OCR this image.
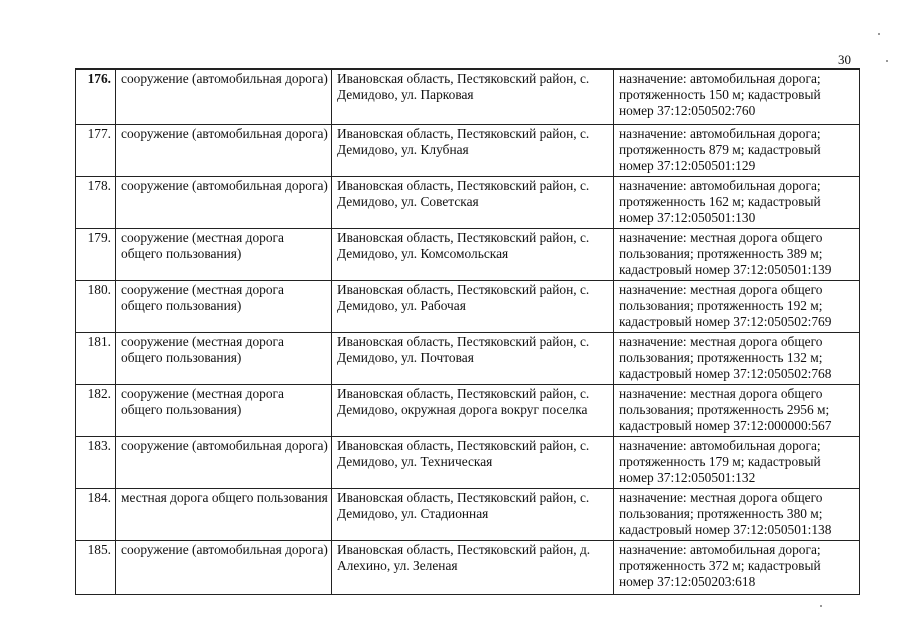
30
176.	сооружение (автомобильная дорога)	Ивановская область, Пестяковский район, с. Демидово, ул. Парковая	назначение: автомобильная дорога; протяженность 150 м; кадастровый номер 37:12:050502:760
177.	сооружение (автомобильная дорога)	Ивановская область, Пестяковский район, с. Демидово, ул. Клубная	назначение: автомобильная дорога; протяженность 879 м; кадастровый номер 37:12:050501:129
178.	сооружение (автомобильная дорога)	Ивановская область, Пестяковский район, с. Демидово, ул. Советская	назначение: автомобильная дорога; протяженность 162 м; кадастровый номер 37:12:050501:130
179.	сооружение (местная дорога общего пользования)	Ивановская область, Пестяковский район, с. Демидово, ул. Комсомольская	назначение: местная дорога общего пользования; протяженность 389 м; кадастровый номер 37:12:050501:139
180.	сооружение (местная дорога общего пользования)	Ивановская область, Пестяковский район, с. Демидово, ул. Рабочая	назначение: местная дорога общего пользования; протяженность 192 м; кадастровый номер 37:12:050502:769
181.	сооружение (местная дорога общего пользования)	Ивановская область, Пестяковский район, с. Демидово, ул. Почтовая	назначение: местная дорога общего пользования; протяженность 132 м; кадастровый номер 37:12:050502:768
182.	сооружение (местная дорога общего пользования)	Ивановская область, Пестяковский район, с. Демидово, окружная дорога вокруг поселка	назначение: местная дорога общего пользования; протяженность 2956 м; кадастровый номер 37:12:000000:567
183.	сооружение (автомобильная дорога)	Ивановская область, Пестяковский район, с. Демидово, ул. Техническая	назначение: автомобильная дорога; протяженность 179 м; кадастровый номер 37:12:050501:132
184.	местная дорога общего пользования	Ивановская область, Пестяковский район, с. Демидово, ул. Стадионная	назначение: местная дорога общего пользования; протяженность 380 м; кадастровый номер 37:12:050501:138
185.	сооружение (автомобильная дорога)	Ивановская область, Пестяковский район, д. Алехино, ул. Зеленая	назначение: автомобильная дорога; протяженность 372 м; кадастровый номер 37:12:050203:618
